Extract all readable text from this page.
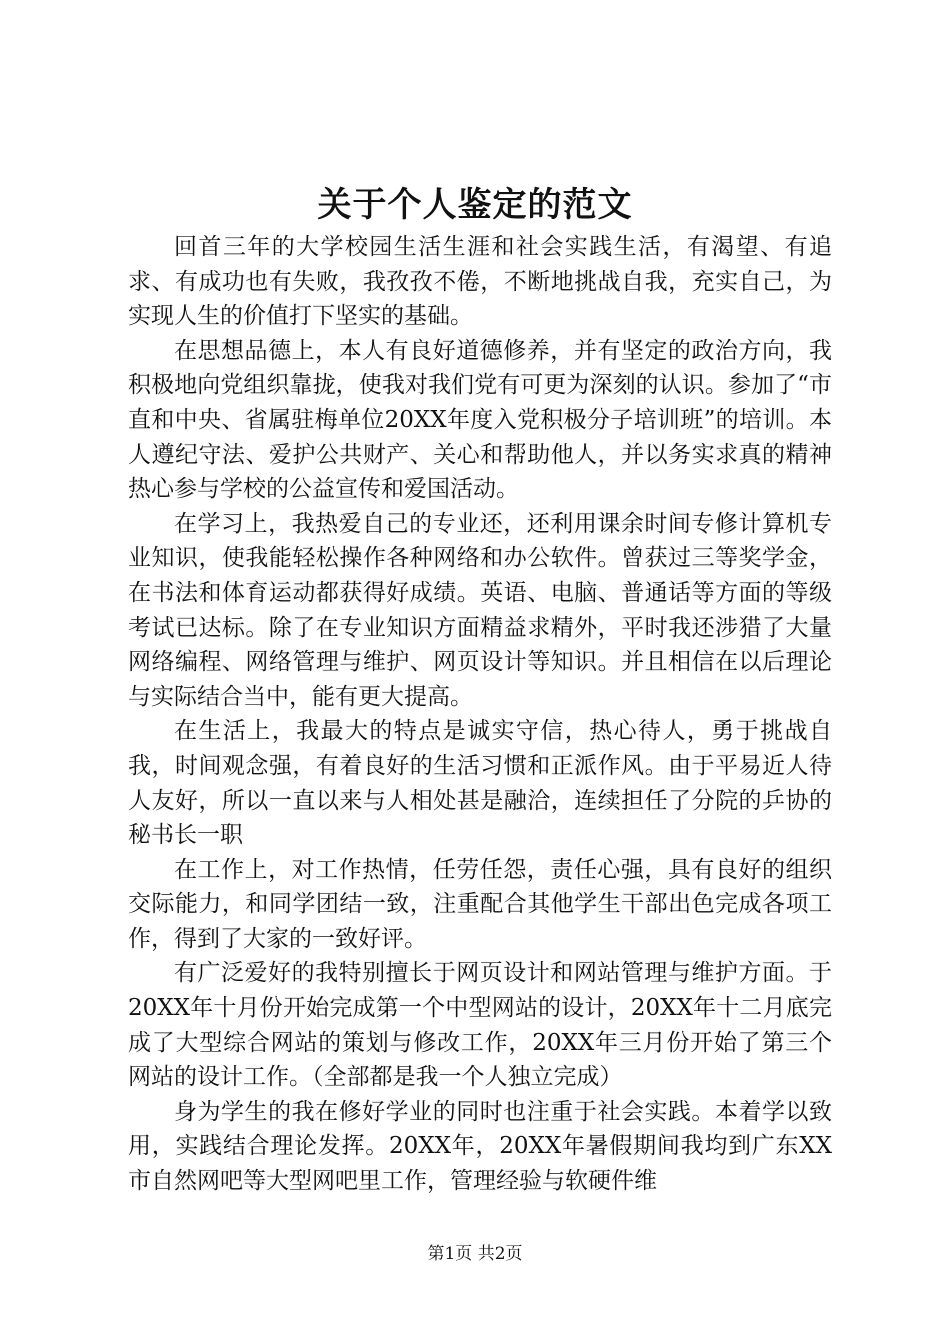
关于个人鉴定的范文

回首三年的大学校园生活生涯和社会实践生活，有渴望、有追求、有成功也有失败，我孜孜不倦，不断地挑战自我，充实自己，为实现人生的价值打下坚实的基础。

在思想品德上，本人有良好道德修养，并有坚定的政治方向，我积极地向党组织靠拢，使我对我们党有可更为深刻的认识。参加了“市直和中央、省属驻梅单位20XX年度入党积极分子培训班”的培训。本人遵纪守法、爱护公共财产、关心和帮助他人，并以务实求真的精神热心参与学校的公益宣传和爱国活动。

在学习上，我热爱自己的专业还，还利用课余时间专修计算机专业知识，使我能轻松操作各种网络和办公软件。曾获过三等奖学金，在书法和体育运动都获得好成绩。英语、电脑、普通话等方面的等级考试已达标。除了在专业知识方面精益求精外，平时我还涉猎了大量网络编程、网络管理与维护、网页设计等知识。并且相信在以后理论与实际结合当中，能有更大提高。

在生活上，我最大的特点是诚实守信，热心待人，勇于挑战自我，时间观念强，有着良好的生活习惯和正派作风。由于平易近人待人友好，所以一直以来与人相处甚是融洽，连续担任了分院的乒协的秘书长一职

在工作上，对工作热情，任劳任怨，责任心强，具有良好的组织交际能力，和同学团结一致，注重配合其他学生干部出色完成各项工作，得到了大家的一致好评。

有广泛爱好的我特别擅长于网页设计和网站管理与维护方面。于20XX年十月份开始完成第一个中型网站的设计，20XX年十二月底完成了大型综合网站的策划与修改工作，20XX年三月份开始了第三个网站的设计工作。（全部都是我一个人独立完成）

身为学生的我在修好学业的同时也注重于社会实践。本着学以致用，实践结合理论发挥。20XX年，20XX年暑假期间我均到广东XX市自然网吧等大型网吧里工作，管理经验与软硬件维

第1页 共2页
